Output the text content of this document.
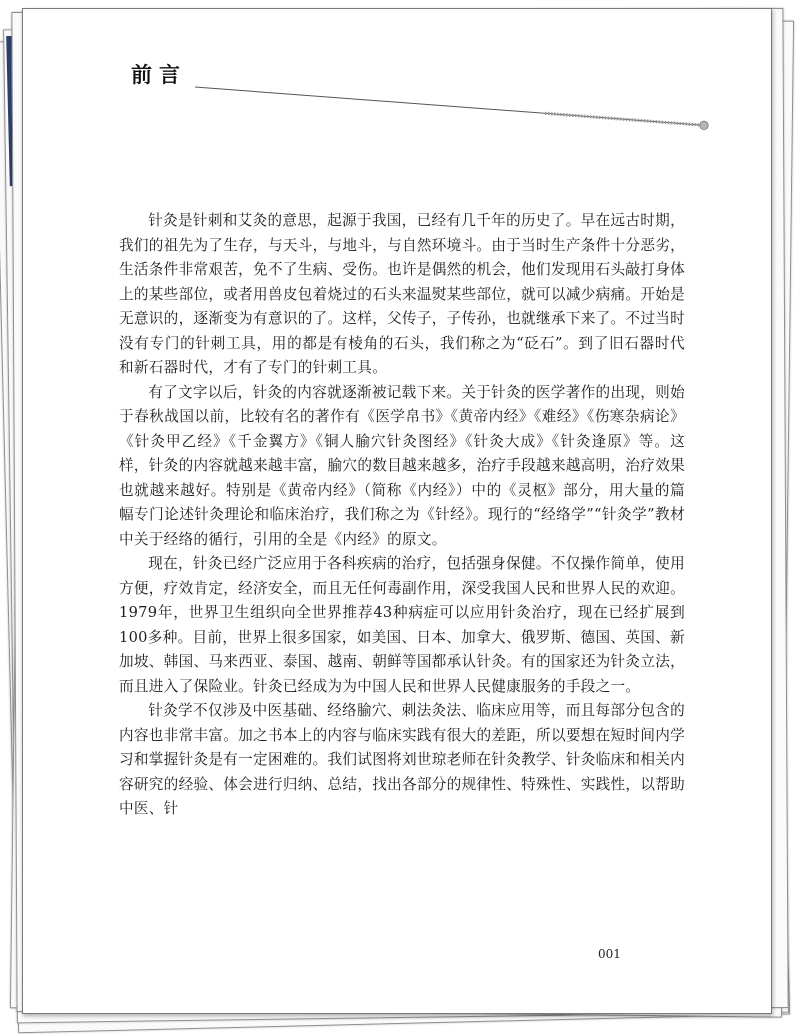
前言

针灸是针刺和艾灸的意思，起源于我国，已经有几千年的历史了。早在远古时期，我们的祖先为了生存，与天斗，与地斗，与自然环境斗。由于当时生产条件十分恶劣，生活条件非常艰苦，免不了生病、受伤。也许是偶然的机会，他们发现用石头敲打身体上的某些部位，或者用兽皮包着烧过的石头来温熨某些部位，就可以减少病痛。开始是无意识的，逐渐变为有意识的了。这样，父传子，子传孙，也就继承下来了。不过当时没有专门的针刺工具，用的都是有棱角的石头，我们称之为“砭石”。到了旧石器时代和新石器时代，才有了专门的针刺工具。

有了文字以后，针灸的内容就逐渐被记载下来。关于针灸的医学著作的出现，则始于春秋战国以前，比较有名的著作有《医学帛书》《黄帝内经》《难经》《伤寒杂病论》《针灸甲乙经》《千金翼方》《铜人腧穴针灸图经》《针灸大成》《针灸逢原》等。这样，针灸的内容就越来越丰富，腧穴的数目越来越多，治疗手段越来越高明，治疗效果也就越来越好。特别是《黄帝内经》（简称《内经》）中的《灵枢》部分，用大量的篇幅专门论述针灸理论和临床治疗，我们称之为《针经》。现行的“经络学”“针灸学”教材中关于经络的循行，引用的全是《内经》的原文。

现在，针灸已经广泛应用于各科疾病的治疗，包括强身保健。不仅操作简单，使用方便，疗效肯定，经济安全，而且无任何毒副作用，深受我国人民和世界人民的欢迎。1979年，世界卫生组织向全世界推荐43种病症可以应用针灸治疗，现在已经扩展到100多种。目前，世界上很多国家，如美国、日本、加拿大、俄罗斯、德国、英国、新加坡、韩国、马来西亚、泰国、越南、朝鲜等国都承认针灸。有的国家还为针灸立法，而且进入了保险业。针灸已经成为为中国人民和世界人民健康服务的手段之一。

针灸学不仅涉及中医基础、经络腧穴、刺法灸法、临床应用等，而且每部分包含的内容也非常丰富。加之书本上的内容与临床实践有很大的差距，所以要想在短时间内学习和掌握针灸是有一定困难的。我们试图将刘世琼老师在针灸教学、针灸临床和相关内容研究的经验、体会进行归纳、总结，找出各部分的规律性、特殊性、实践性，以帮助中医、针

001
